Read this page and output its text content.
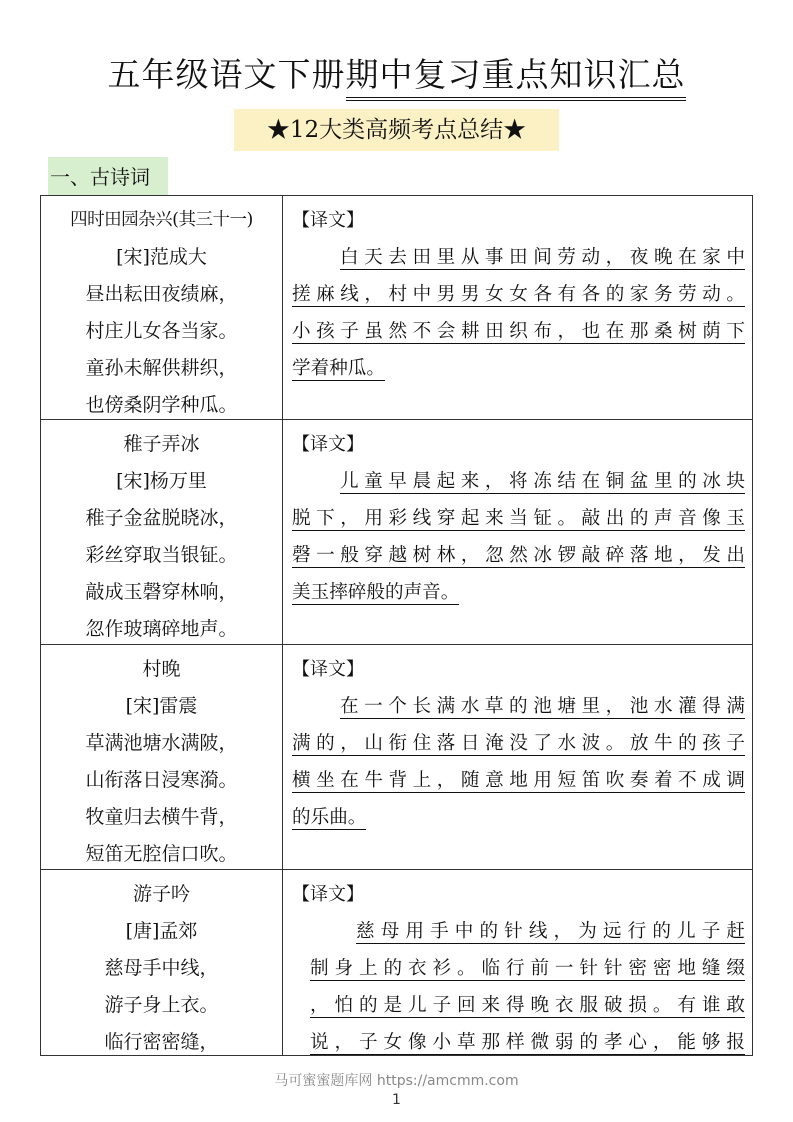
五年级语文下册期中复习重点知识汇总
★12大类高频考点总结★
一、古诗词
四时田园杂兴(其三十一)
[宋]范成大
昼出耘田夜绩麻，
村庄儿女各当家。
童孙未解供耕织，
也傍桑阴学种瓜。
【译文】
白天去田里从事田间劳动，夜晚在家中
搓麻线，村中男男女女各有各的家务劳动。
小孩子虽然不会耕田织布，也在那桑树荫下
学着种瓜。
稚子弄冰
[宋]杨万里
稚子金盆脱晓冰，
彩丝穿取当银钲。
敲成玉磬穿林响，
忽作玻璃碎地声。
【译文】
儿童早晨起来，将冻结在铜盆里的冰块
脱下，用彩线穿起来当钲。敲出的声音像玉
磬一般穿越树林，忽然冰锣敲碎落地，发出
美玉摔碎般的声音。
村晚
[宋]雷震
草满池塘水满陂，
山衔落日浸寒漪。
牧童归去横牛背，
短笛无腔信口吹。
【译文】
在一个长满水草的池塘里，池水灌得满
满的，山衔住落日淹没了水波。放牛的孩子
横坐在牛背上，随意地用短笛吹奏着不成调
的乐曲。
游子吟
[唐]孟郊
慈母手中线，
游子身上衣。
临行密密缝，
【译文】
慈母用手中的针线，为远行的儿子赶
制身上的衣衫。临行前一针针密密地缝缀
，怕的是儿子回来得晚衣服破损。有谁敢
说，子女像小草那样微弱的孝心，能够报
马可蜜蜜题库网 https://amcmm.com
1
